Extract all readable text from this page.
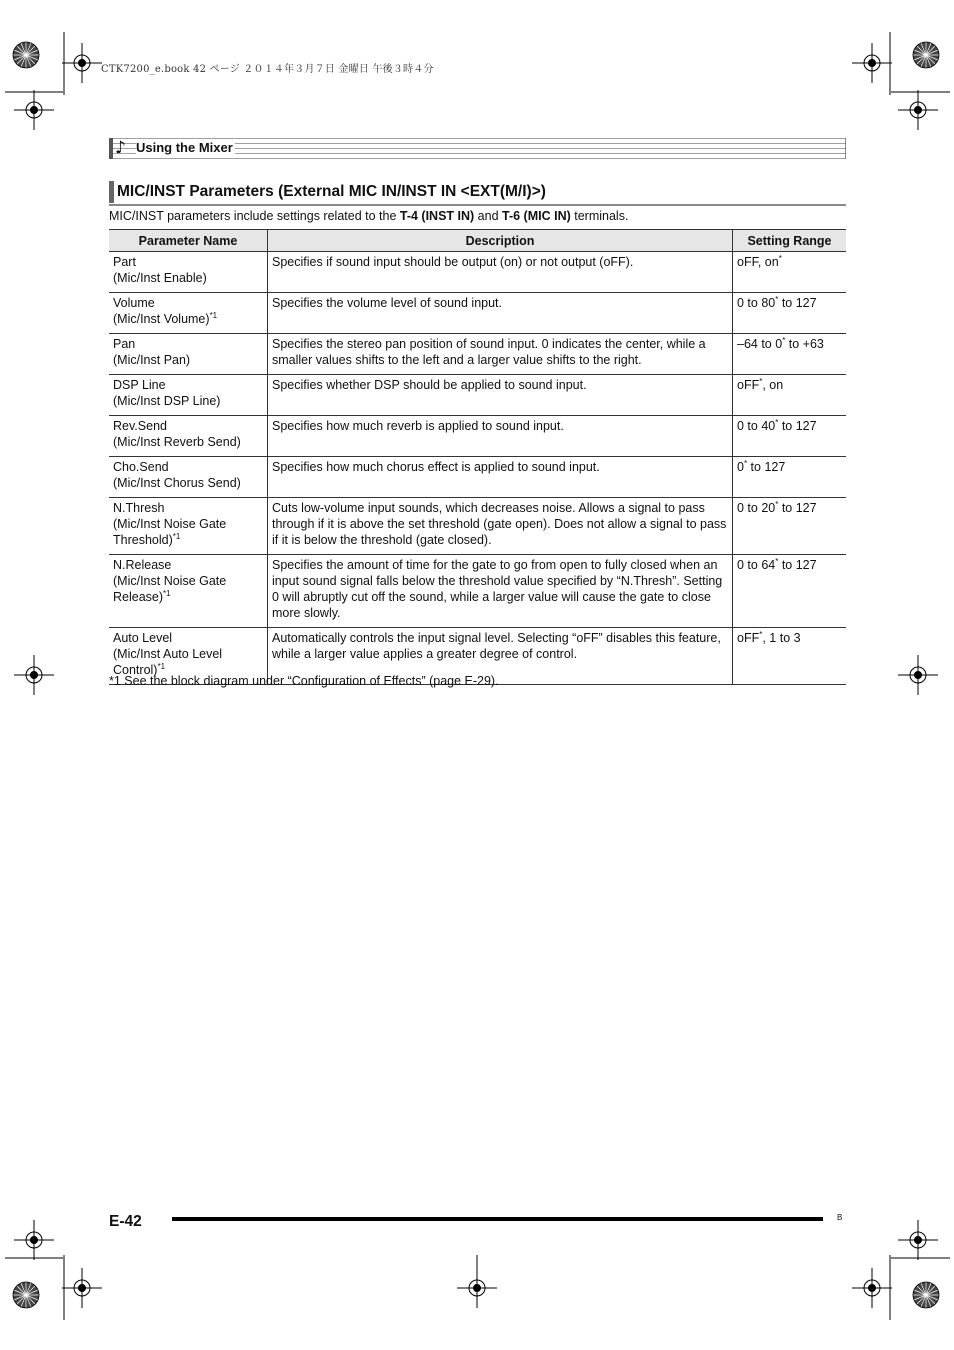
CTK7200_e.book 42 ページ ２０１４年３月７日 金曜日 午後３時４分
♪ Using the Mixer
MIC/INST Parameters (External MIC IN/INST IN <EXT(M/I)>)
MIC/INST parameters include settings related to the T-4 (INST IN) and T-6 (MIC IN) terminals.
Parameter Name	Description	Setting Range

Part
(Mic/Inst Enable)	Specifies if sound input should be output (on) or not output (oFF).	oFF, on*

Volume
(Mic/Inst Volume)$^{*1}$	Specifies the volume level of sound input.	0 to 80* to 127

Pan
(Mic/Inst Pan)	Specifies the stereo pan position of sound input. 0 indicates the center, while a smaller values shifts to the left and a larger value shifts to the right.	–64 to 0* to +63

DSP Line
(Mic/Inst DSP Line)	Specifies whether DSP should be applied to sound input.	oFF*, on

Rev.Send
(Mic/Inst Reverb Send)	Specifies how much reverb is applied to sound input.	0 to 40* to 127

Cho.Send
(Mic/Inst Chorus Send)	Specifies how much chorus effect is applied to sound input.	0* to 127

N.Thresh
(Mic/Inst Noise Gate Threshold)$^{*1}$	Cuts low-volume input sounds, which decreases noise. Allows a signal to pass through if it is above the set threshold (gate open). Does not allow a signal to pass if it is below the threshold (gate closed).	0 to 20* to 127

N.Release
(Mic/Inst Noise Gate Release)$^{*1}$	Specifies the amount of time for the gate to go from open to fully closed when an input sound signal falls below the threshold value specified by “N.Thresh”. Setting 0 will abruptly cut off the sound, while a larger value will cause the gate to close more slowly.	0 to 64* to 127

Auto Level
(Mic/Inst Auto Level Control)$^{*1}$	Automatically controls the input signal level. Selecting “oFF” disables this feature, while a larger value applies a greater degree of control.	oFF*, 1 to 3
*1 See the block diagram under “Configuration of Effects” (page E-29).
E-42	B
